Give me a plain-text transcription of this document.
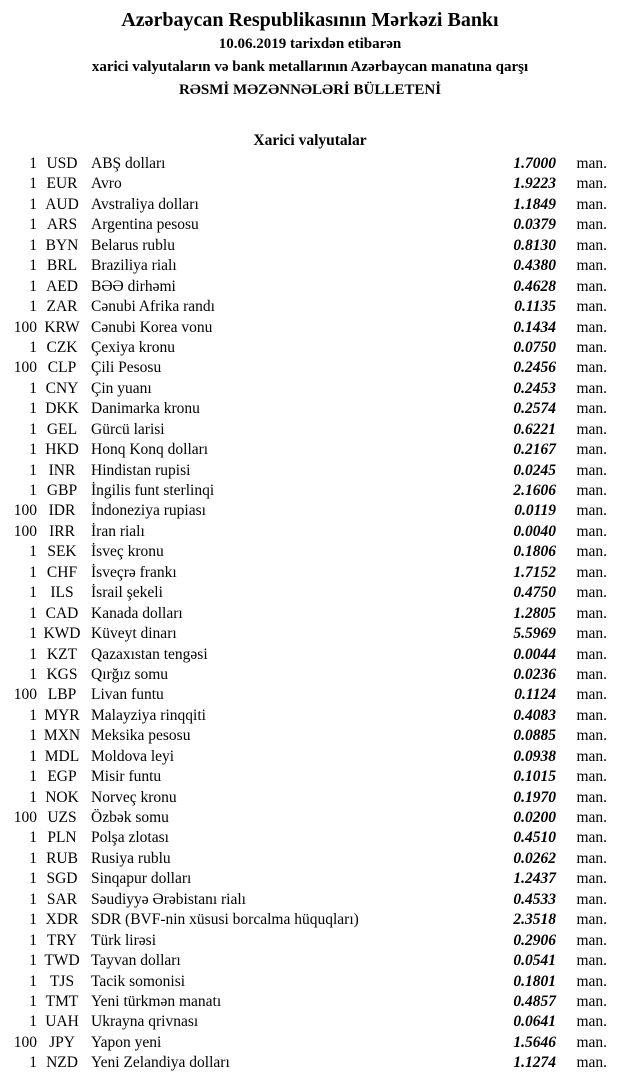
Azərbaycan Respublikasının Mərkəzi Bankı
10.06.2019 tarixdən etibarən
xarici valyutaların və bank metallarının Azərbaycan manatına qarşı
RƏSMİ MƏZƏNNƏLƏRİ BÜLLETENİ
Xarici valyutalar
1 USD ABŞ dolları	1.7000	man.
1 EUR Avro	1.9223	man.
1 AUD Avstraliya dolları	1.1849	man.
1 ARS Argentina pesosu	0.0379	man.
1 BYN Belarus rublu	0.8130	man.
1 BRL Braziliya rialı	0.4380	man.
1 AED BƏƏ dirhəmi	0.4628	man.
1 ZAR Cənubi Afrika randı	0.1135	man.
100 KRW Cənubi Korea vonu	0.1434	man.
1 CZK Çexiya kronu	0.0750	man.
100 CLP Çili Pesosu	0.2456	man.
1 CNY Çin yuanı	0.2453	man.
1 DKK Danimarka kronu	0.2574	man.
1 GEL Gürcü larisi	0.6221	man.
1 HKD Honq Konq dolları	0.2167	man.
1 INR	Hindistan rupisi	0.0245	man.
1 GBP İngilis funt sterlinqi	2.1606	man.
100 IDR	İndoneziya rupiası	0.0119	man.
100 IRR	İran rialı	0.0040	man.
1 SEK İsveç kronu	0.1806	man.
1 CHF İsveçrə frankı	1.7152	man.
1 ILS	İsrail şekeli	0.4750	man.
1 CAD Kanada dolları	1.2805	man.
1 KWD Küveyt dinarı	5.5969	man.
1 KZT Qazaxıstan tengəsi	0.0044	man.
1 KGS Qırğız somu	0.0236	man.
100 LBP Livan funtu	0.1124	man.
1 MYR Malayziya rinqqiti	0.4083	man.
1 MXN Meksika pesosu	0.0885	man.
1 MDL Moldova leyi	0.0938	man.
1 EGP Misir funtu	0.1015	man.
1 NOK Norveç kronu	0.1970	man.
100 UZS Özbək somu	0.0200	man.
1 PLN Polşa zlotası	0.4510	man.
1 RUB Rusiya rublu	0.0262	man.
1 SGD Sinqapur dolları	1.2437	man.
1 SAR Səudiyyə Ərəbistanı rialı	0.4533	man.
1 XDR SDR (BVF-nin xüsusi borcalma hüquqları)	2.3518	man.
1 TRY Türk lirəsi	0.2906	man.
1 TWD Tayvan dolları	0.0541	man.
1 TJS	Tacik somonisi	0.1801	man.
1 TMT Yeni türkmən manatı	0.4857	man.
1 UAH Ukrayna qrivnası	0.0641	man.
100 JPY	Yapon yeni	1.5646	man.
1 NZD Yeni Zelandiya dolları	1.1274	man.
